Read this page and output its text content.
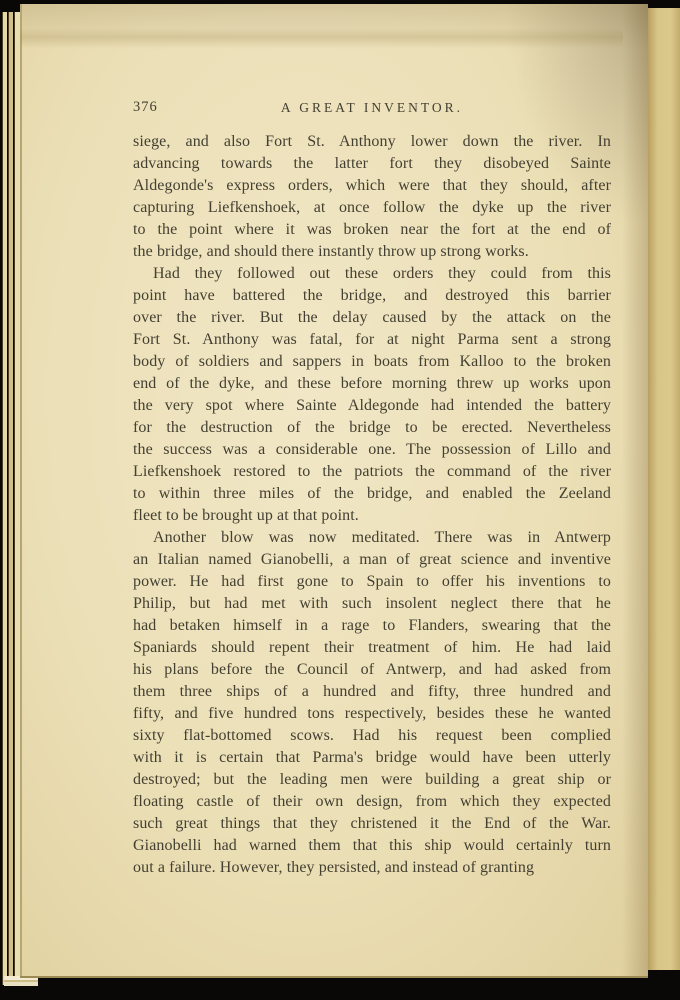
376	A GREAT INVENTOR.
siege, and also Fort St. Anthony lower down the river. In
advancing towards the latter fort they disobeyed Sainte
Aldegonde's express orders, which were that they should, after
capturing Liefkenshoek, at once follow the dyke up the river
to the point where it was broken near the fort at the end of
the bridge, and should there instantly throw up strong works.
Had they followed out these orders they could from this
point have battered the bridge, and destroyed this barrier
over the river. But the delay caused by the attack on the
Fort St. Anthony was fatal, for at night Parma sent a strong
body of soldiers and sappers in boats from Kalloo to the broken
end of the dyke, and these before morning threw up works upon
the very spot where Sainte Aldegonde had intended the battery
for the destruction of the bridge to be erected. Nevertheless
the success was a considerable one. The possession of Lillo and
Liefkenshoek restored to the patriots the command of the river
to within three miles of the bridge, and enabled the Zeeland
fleet to be brought up at that point.
Another blow was now meditated. There was in Antwerp
an Italian named Gianobelli, a man of great science and inventive
power. He had first gone to Spain to offer his inventions to
Philip, but had met with such insolent neglect there that he
had betaken himself in a rage to Flanders, swearing that the
Spaniards should repent their treatment of him. He had laid
his plans before the Council of Antwerp, and had asked from
them three ships of a hundred and fifty, three hundred and
fifty, and five hundred tons respectively, besides these he wanted
sixty flat-bottomed scows. Had his request been complied
with it is certain that Parma's bridge would have been utterly
destroyed; but the leading men were building a great ship or
floating castle of their own design, from which they expected
such great things that they christened it the End of the War.
Gianobelli had warned them that this ship would certainly turn
out a failure. However, they persisted, and instead of granting
